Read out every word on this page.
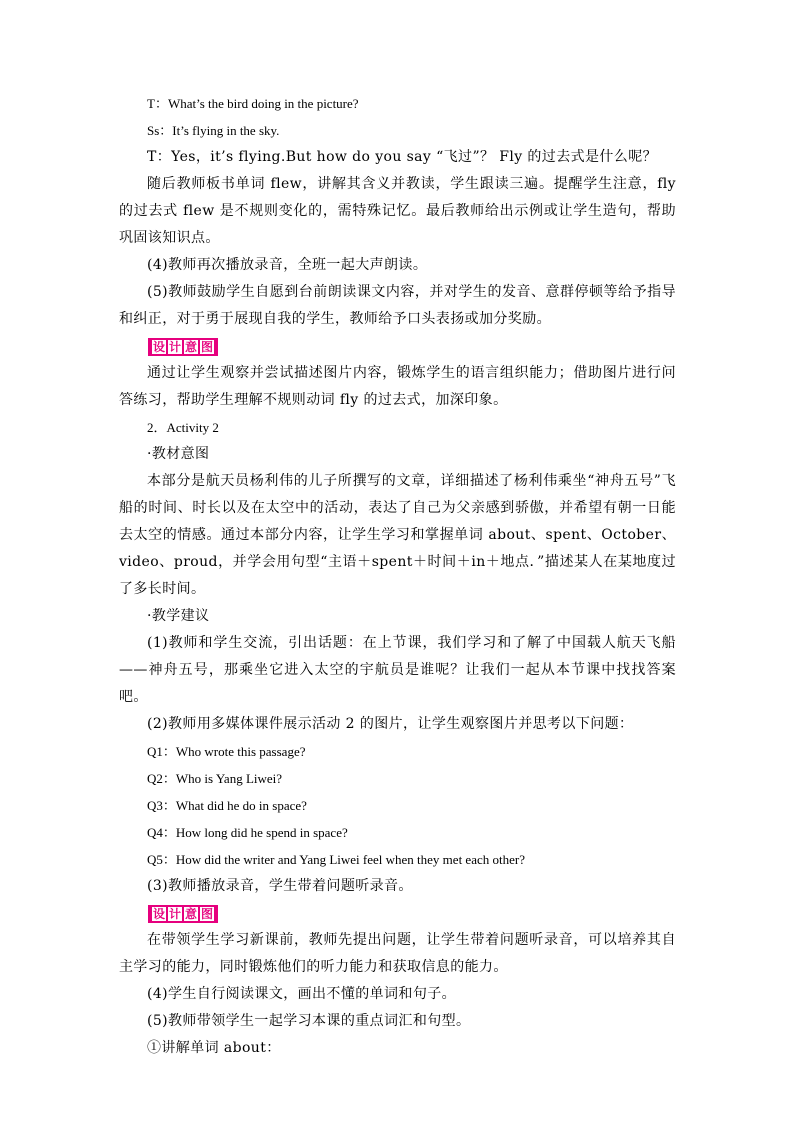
T：What’s the bird doing in the picture?

Ss：It’s flying in the sky.

T：Yes，it’s flying.But how do you say “飞过”？ Fly 的过去式是什么呢？

随后教师板书单词 flew，讲解其含义并教读，学生跟读三遍。提醒学生注意，fly 的过去式 flew 是不规则变化的，需特殊记忆。最后教师给出示例或让学生造句，帮助巩固该知识点。

(4)教师再次播放录音，全班一起大声朗读。

(5)教师鼓励学生自愿到台前朗读课文内容，并对学生的发音、意群停顿等给予指导和纠正，对于勇于展现自我的学生，教师给予口头表扬或加分奖励。

设 计 意 图

通过让学生观察并尝试描述图片内容，锻炼学生的语言组织能力；借助图片进行问答练习，帮助学生理解不规则动词 fly 的过去式，加深印象。

2．Activity 2

·教材意图

本部分是航天员杨利伟的儿子所撰写的文章，详细描述了杨利伟乘坐“神舟五号”飞船的时间、时长以及在太空中的活动，表达了自己为父亲感到骄傲，并希望有朝一日能去太空的情感。通过本部分内容，让学生学习和掌握单词 about、spent、October、video、proud，并学会用句型“主语＋spent＋时间＋in＋地点．”描述某人在某地度过了多长时间。

·教学建议

(1)教师和学生交流，引出话题：在上节课，我们学习和了解了中国载人航天飞船——神舟五号，那乘坐它进入太空的宇航员是谁呢？让我们一起从本节课中找找答案吧。

(2)教师用多媒体课件展示活动 2 的图片，让学生观察图片并思考以下问题：

Q1：Who wrote this passage?

Q2：Who is Yang Liwei?

Q3：What did he do in space?

Q4：How long did he spend in space?

Q5：How did the writer and Yang Liwei feel when they met each other?

(3)教师播放录音，学生带着问题听录音。

设 计 意 图

在带领学生学习新课前，教师先提出问题，让学生带着问题听录音，可以培养其自主学习的能力，同时锻炼他们的听力能力和获取信息的能力。

(4)学生自行阅读课文，画出不懂的单词和句子。

(5)教师带领学生一起学习本课的重点词汇和句型。

①讲解单词 about：
